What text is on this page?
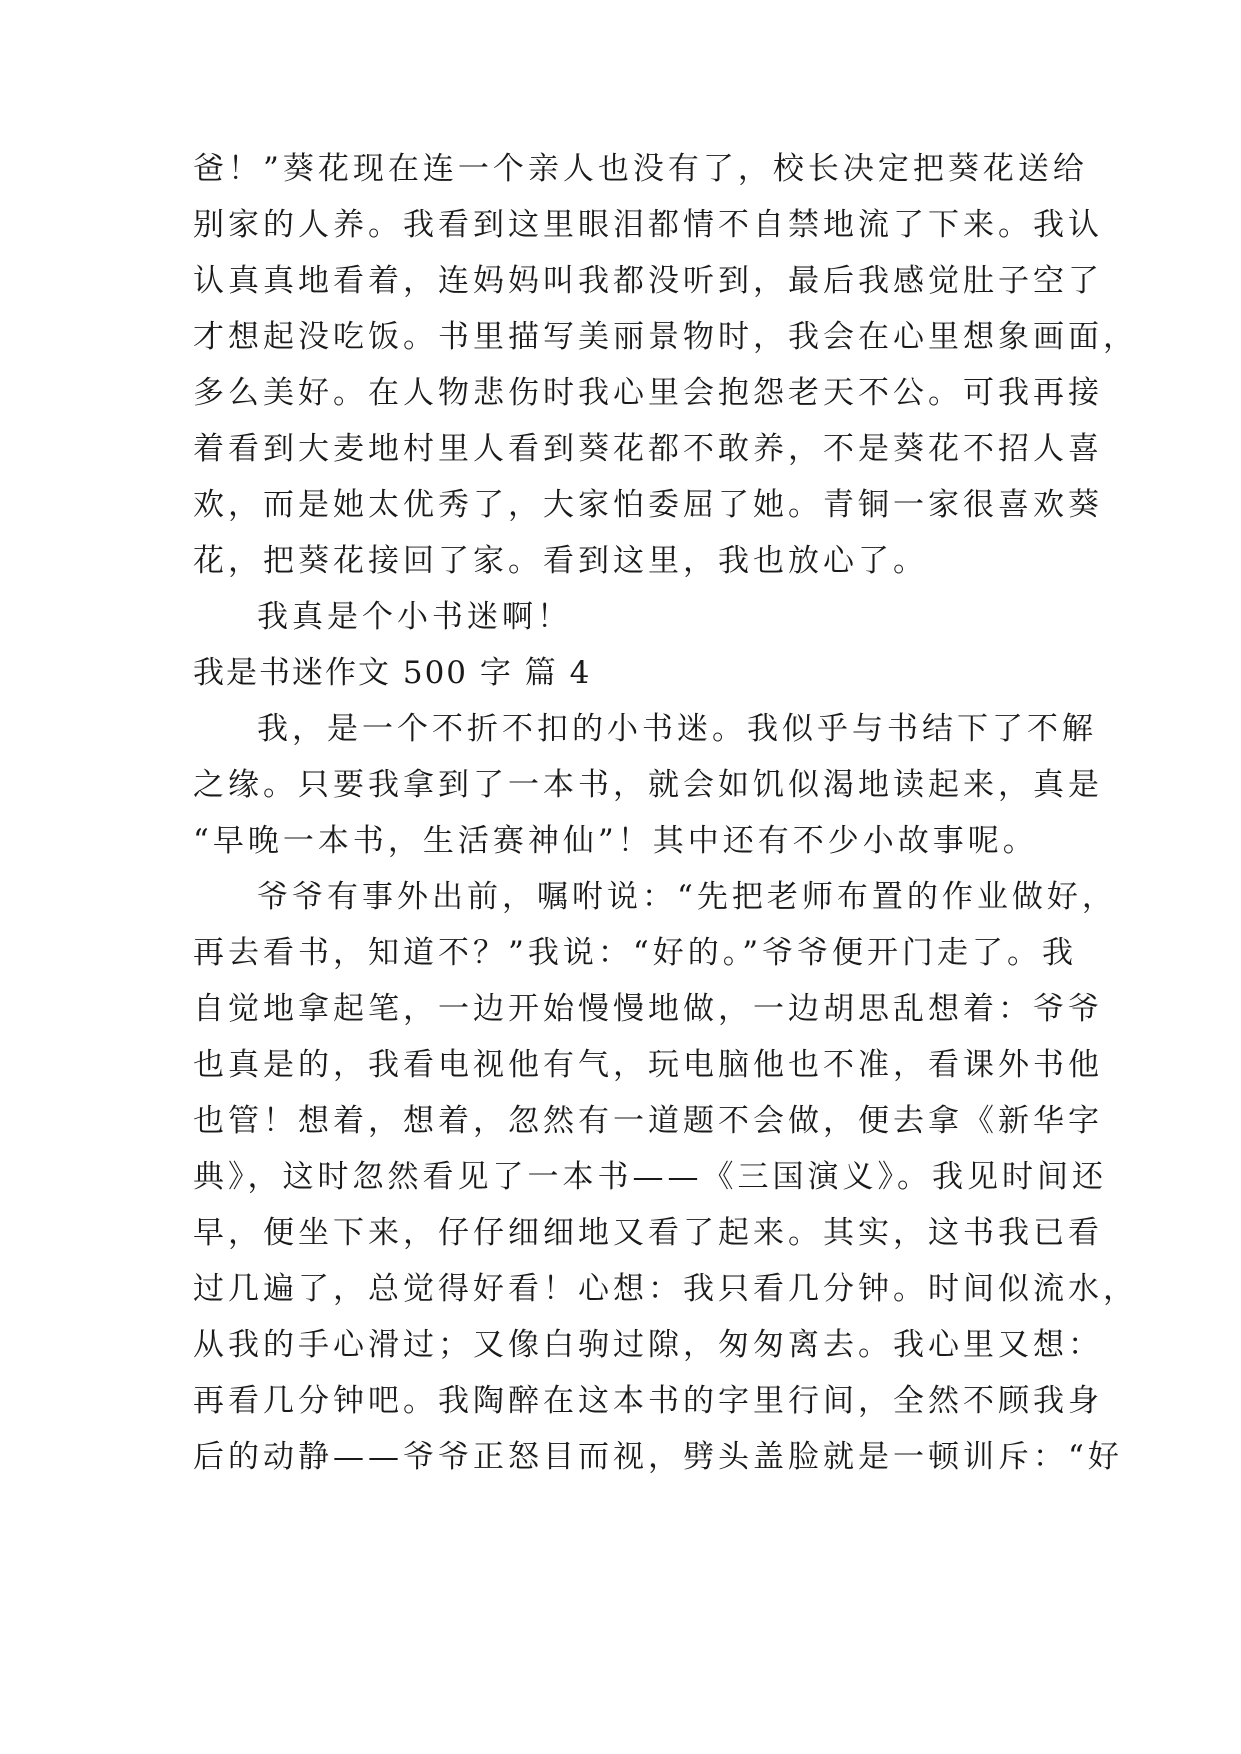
爸！”葵花现在连一个亲人也没有了，校长决定把葵花送给
别家的人养。我看到这里眼泪都情不自禁地流了下来。我认
认真真地看着，连妈妈叫我都没听到，最后我感觉肚子空了
才想起没吃饭。书里描写美丽景物时，我会在心里想象画面，
多么美好。在人物悲伤时我心里会抱怨老天不公。可我再接
着看到大麦地村里人看到葵花都不敢养，不是葵花不招人喜
欢，而是她太优秀了，大家怕委屈了她。青铜一家很喜欢葵
花，把葵花接回了家。看到这里，我也放心了。
我真是个小书迷啊！
我是书迷作文 500 字 篇 4
我，是一个不折不扣的小书迷。我似乎与书结下了不解
之缘。只要我拿到了一本书，就会如饥似渴地读起来，真是
“早晚一本书，生活赛神仙”！其中还有不少小故事呢。
爷爷有事外出前，嘱咐说：“先把老师布置的作业做好，
再去看书，知道不？”我说：“好的。”爷爷便开门走了。我
自觉地拿起笔，一边开始慢慢地做，一边胡思乱想着：爷爷
也真是的，我看电视他有气，玩电脑他也不准，看课外书他
也管！想着，想着，忽然有一道题不会做，便去拿《新华字
典》，这时忽然看见了一本书——《三国演义》。我见时间还
早，便坐下来，仔仔细细地又看了起来。其实，这书我已看
过几遍了，总觉得好看！心想：我只看几分钟。时间似流水，
从我的手心滑过；又像白驹过隙，匆匆离去。我心里又想：
再看几分钟吧。我陶醉在这本书的字里行间，全然不顾我身
后的动静——爷爷正怒目而视，劈头盖脸就是一顿训斥：“好
